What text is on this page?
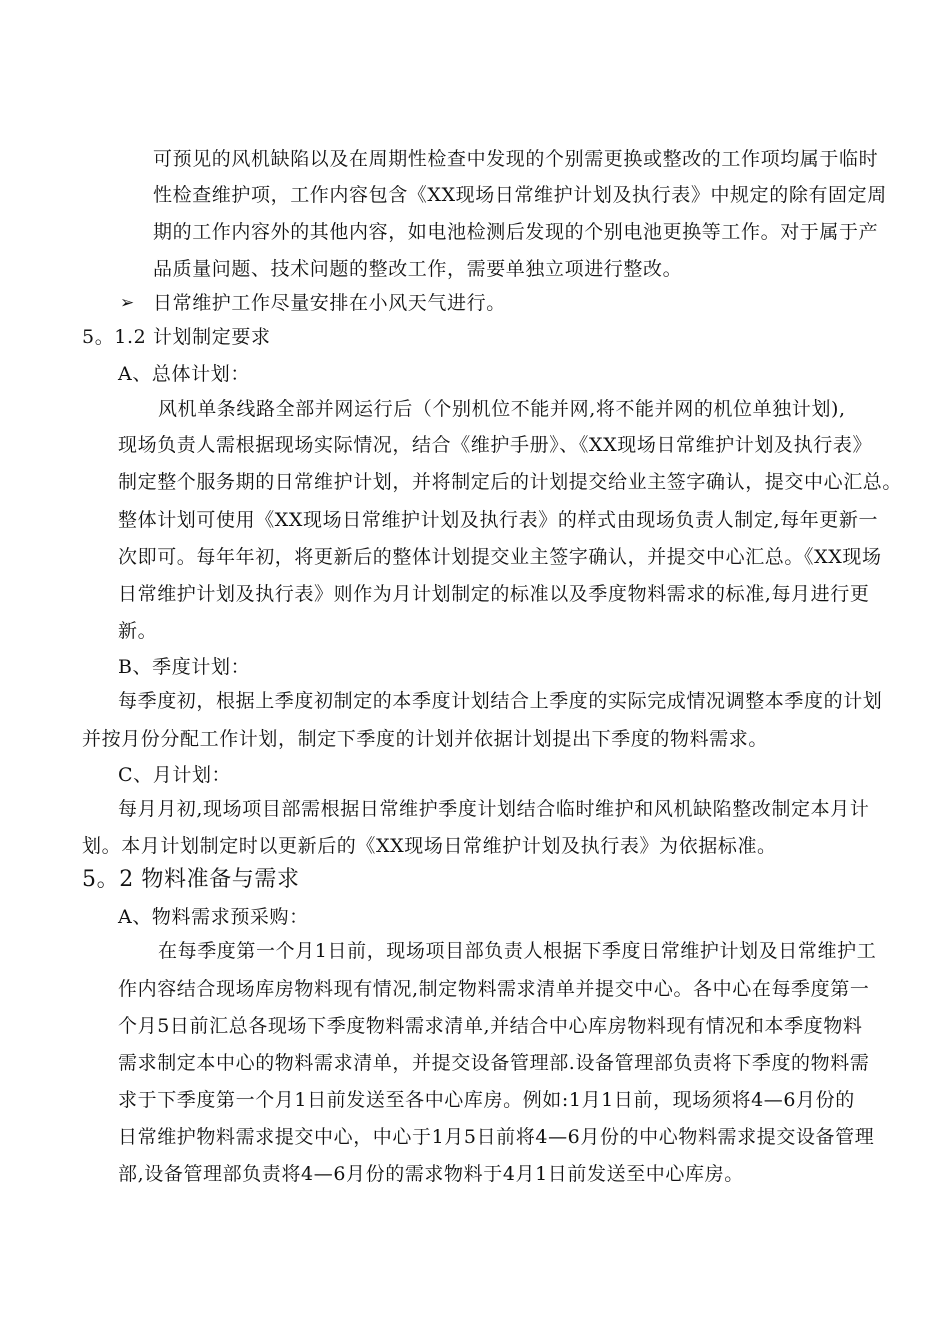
可预见的风机缺陷以及在周期性检查中发现的个别需更换或整改的工作项均属于临时
性检查维护项，工作内容包含《XX现场日常维护计划及执行表》中规定的除有固定周
期的工作内容外的其他内容，如电池检测后发现的个别电池更换等工作。对于属于产
品质量问题、技术问题的整改工作，需要单独立项进行整改。
➢ 日常维护工作尽量安排在小风天气进行。
5。1.2 计划制定要求
A、总体计划：
风机单条线路全部并网运行后（个别机位不能并网,将不能并网的机位单独计划),
现场负责人需根据现场实际情况，结合《维护手册》、《XX现场日常维护计划及执行表》
制定整个服务期的日常维护计划，并将制定后的计划提交给业主签字确认，提交中心汇总。
整体计划可使用《XX现场日常维护计划及执行表》的样式由现场负责人制定,每年更新一
次即可。每年年初，将更新后的整体计划提交业主签字确认，并提交中心汇总。《XX现场
日常维护计划及执行表》则作为月计划制定的标准以及季度物料需求的标准,每月进行更
新。
B、季度计划：
每季度初，根据上季度初制定的本季度计划结合上季度的实际完成情况调整本季度的计划
并按月份分配工作计划，制定下季度的计划并依据计划提出下季度的物料需求。
C、月计划：
每月月初,现场项目部需根据日常维护季度计划结合临时维护和风机缺陷整改制定本月计
划。本月计划制定时以更新后的《XX现场日常维护计划及执行表》为依据标准。
5。2 物料准备与需求
A、物料需求预采购：
在每季度第一个月1日前，现场项目部负责人根据下季度日常维护计划及日常维护工
作内容结合现场库房物料现有情况,制定物料需求清单并提交中心。各中心在每季度第一
个月5日前汇总各现场下季度物料需求清单,并结合中心库房物料现有情况和本季度物料
需求制定本中心的物料需求清单，并提交设备管理部.设备管理部负责将下季度的物料需
求于下季度第一个月1日前发送至各中心库房。例如:1月1日前，现场须将4—6月份的
日常维护物料需求提交中心，中心于1月5日前将4—6月份的中心物料需求提交设备管理
部,设备管理部负责将4—6月份的需求物料于4月1日前发送至中心库房。
